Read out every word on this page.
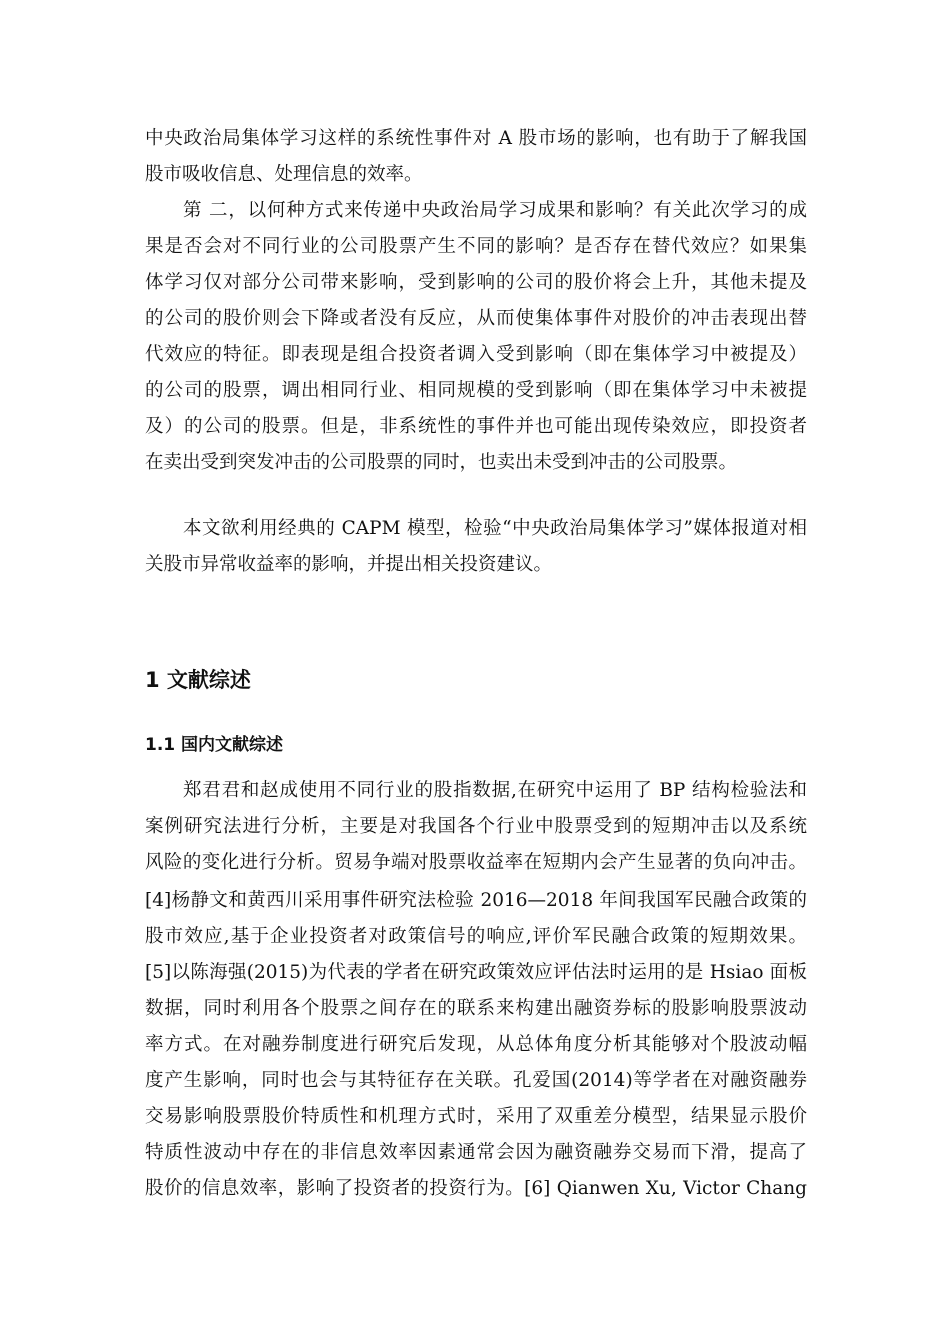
中央政治局集体学习这样的系统性事件对 A 股市场的影响，也有助于了解我国
股市吸收信息、处理信息的效率。
第 二，以何种方式来传递中央政治局学习成果和影响？有关此次学习的成
果是否会对不同行业的公司股票产生不同的影响？是否存在替代效应？如果集
体学习仅对部分公司带来影响，受到影响的公司的股价将会上升，其他未提及
的公司的股价则会下降或者没有反应，从而使集体事件对股价的冲击表现出替
代效应的特征。即表现是组合投资者调入受到影响（即在集体学习中被提及）
的公司的股票，调出相同行业、相同规模的受到影响（即在集体学习中未被提
及）的公司的股票。但是，非系统性的事件并也可能出现传染效应，即投资者
在卖出受到突发冲击的公司股票的同时，也卖出未受到冲击的公司股票。
本文欲利用经典的 CAPM 模型，检验“中央政治局集体学习”媒体报道对相
关股市异常收益率的影响，并提出相关投资建议。
1 文献综述
1.1 国内文献综述
郑君君和赵成使用不同行业的股指数据,在研究中运用了 BP 结构检验法和
案例研究法进行分析，主要是对我国各个行业中股票受到的短期冲击以及系统
风险的变化进行分析。贸易争端对股票收益率在短期内会产生显著的负向冲击。
[4]杨静文和黄西川采用事件研究法检验 2016—2018 年间我国军民融合政策的
股市效应,基于企业投资者对政策信号的响应,评价军民融合政策的短期效果。
[5]以陈海强(2015)为代表的学者在研究政策效应评估法时运用的是 Hsiao 面板
数据，同时利用各个股票之间存在的联系来构建出融资券标的股影响股票波动
率方式。在对融券制度进行研究后发现，从总体角度分析其能够对个股波动幅
度产生影响，同时也会与其特征存在关联。孔爱国(2014)等学者在对融资融券
交易影响股票股价特质性和机理方式时，采用了双重差分模型，结果显示股价
特质性波动中存在的非信息效率因素通常会因为融资融券交易而下滑，提高了
股价的信息效率，影响了投资者的投资行为。[6] Qianwen Xu, Victor Chang
